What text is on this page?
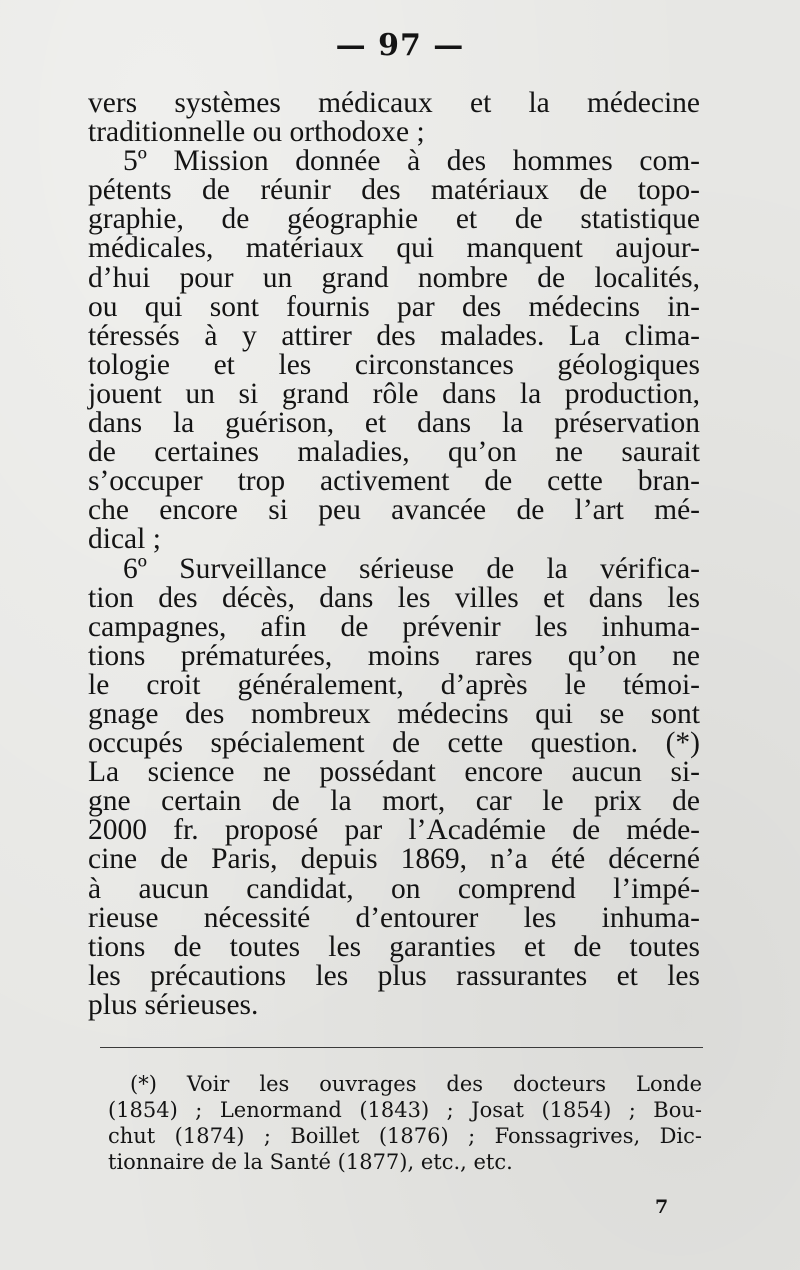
— 97 —
vers systèmes médicaux et la médecine
traditionnelle ou orthodoxe ;
5º Mission donnée à des hommes com-
pétents de réunir des matériaux de topo-
graphie, de géographie et de statistique
médicales, matériaux qui manquent aujour-
d’hui pour un grand nombre de localités,
ou qui sont fournis par des médecins in-
téressés à y attirer des malades. La clima-
tologie et les circonstances géologiques
jouent un si grand rôle dans la production,
dans la guérison, et dans la préservation
de certaines maladies, qu’on ne saurait
s’occuper trop activement de cette bran-
che encore si peu avancée de l’art mé-
dical ;
6º Surveillance sérieuse de la vérifica-
tion des décès, dans les villes et dans les
campagnes, afin de prévenir les inhuma-
tions prématurées, moins rares qu’on ne
le croit généralement, d’après le témoi-
gnage des nombreux médecins qui se sont
occupés spécialement de cette question. (*)
La science ne possédant encore aucun si-
gne certain de la mort, car le prix de
2000 fr. proposé par l’Académie de méde-
cine de Paris, depuis 1869, n’a été décerné
à aucun candidat, on comprend l’impé-
rieuse nécessité d’entourer les inhuma-
tions de toutes les garanties et de toutes
les précautions les plus rassurantes et les
plus sérieuses.
(*) Voir les ouvrages des docteurs Londe
(1854) ; Lenormand (1843) ; Josat (1854) ; Bou-
chut (1874) ; Boillet (1876) ; Fonssagrives, Dic-
tionnaire de la Santé (1877), etc., etc.
7
